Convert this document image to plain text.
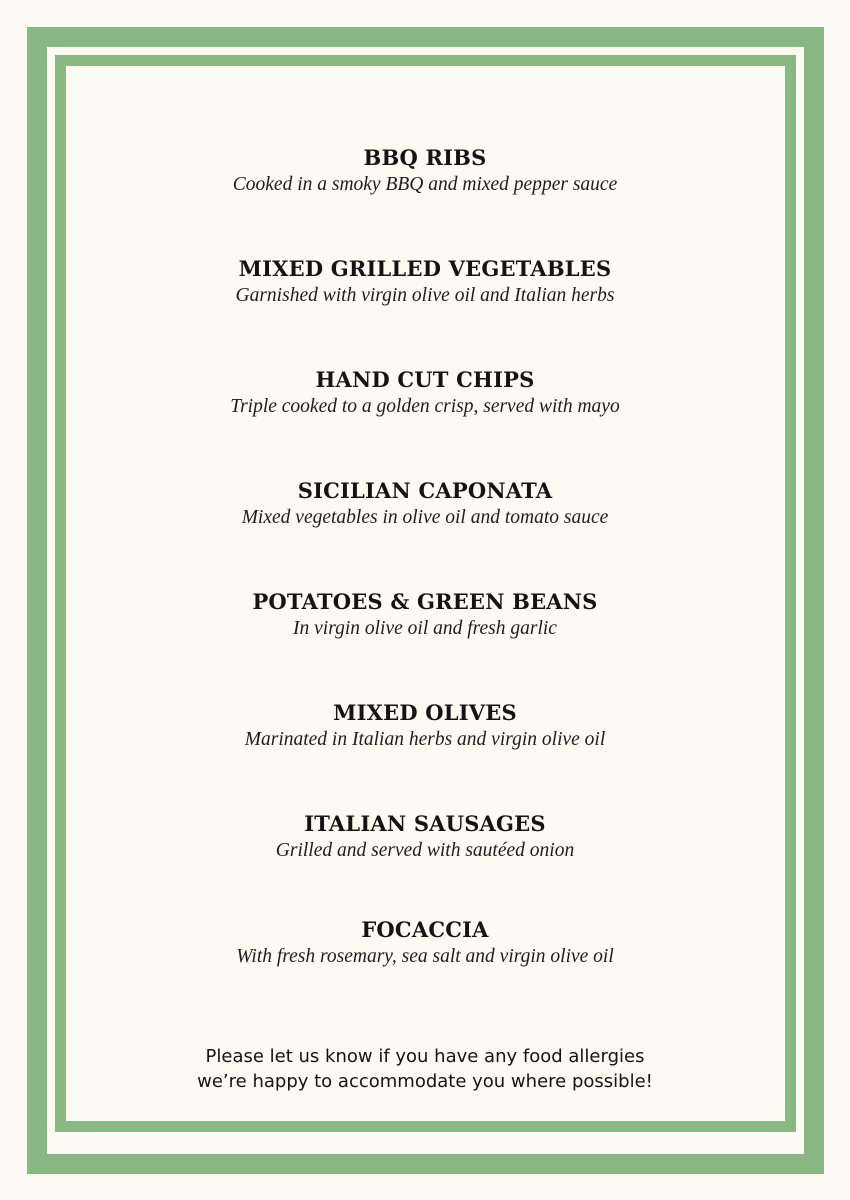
BBQ RIBS
Cooked in a smoky BBQ and mixed pepper sauce
MIXED GRILLED VEGETABLES
Garnished with virgin olive oil and Italian herbs
HAND CUT CHIPS
Triple cooked to a golden crisp, served with mayo
SICILIAN CAPONATA
Mixed vegetables in olive oil and tomato sauce
POTATOES & GREEN BEANS
In virgin olive oil and fresh garlic
MIXED OLIVES
Marinated in Italian herbs and virgin olive oil
ITALIAN SAUSAGES
Grilled and served with sautéed onion
FOCACCIA
With fresh rosemary, sea salt and virgin olive oil
Please let us know if you have any food allergies
we’re happy to accommodate you where possible!
